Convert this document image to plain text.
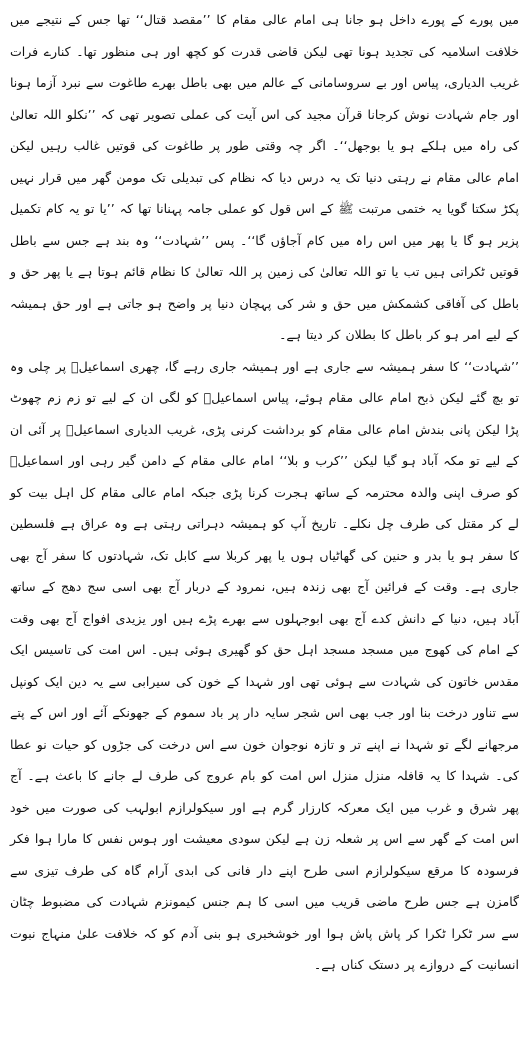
میں پورے کے پورے داخل ہو جانا ہی امام عالی مقام کا ’’مقصد قتال‘‘ تھا جس کے نتیجے میں خلافت اسلامیہ کی تجدید ہونا تھی لیکن قاضی قدرت کو کچھ اور ہی منظور تھا۔ کنارے فرات غریب الدیاری، پیاس اور بے سروسامانی کے عالم میں بھی باطل بھرے طاغوت سے نبرد آزما ہونا اور جام شہادت نوش کرجانا قرآن مجید کی اس آیت کی عملی تصویر تھی کہ ’’نکلو اللہ تعالیٰ کی راہ میں ہلکے ہو یا بوجھل‘‘۔ اگر چہ وقتی طور پر طاغوت کی قوتیں غالب رہیں لیکن امام عالی مقام نے رہتی دنیا تک یہ درس دیا کہ نظام کی تبدیلی تک مومن گھر میں قرار نہیں پکڑ سکتا گویا یہ ختمی مرتبت ﷺ کے اس قول کو عملی جامہ پہنانا تھا کہ ’’یا تو یہ کام تکمیل پزیر ہو گا یا پھر میں اس راہ میں کام آجاؤں گا‘‘۔ پس ’’شہادت‘‘ وہ بند ہے جس سے باطل قوتیں ٹکراتی ہیں تب یا تو اللہ تعالیٰ کی زمین پر اللہ تعالیٰ کا نظام قائم ہوتا ہے یا پھر حق و باطل کی آفاقی کشمکش میں حق و شر کی پہچان دنیا پر واضح ہو جاتی ہے اور حق ہمیشہ کے لیے امر ہو کر باطل کا بطلان کر دیتا ہے۔

’’شہادت‘‘ کا سفر ہمیشہ سے جاری ہے اور ہمیشہ جاری رہے گا، چھری اسماعیلؑ پر چلی وہ تو بچ گئے لیکن ذبح امام عالی مقام ہوئے، پیاس اسماعیلؑ کو لگی ان کے لیے تو زم زم چھوٹ پڑا لیکن پانی بندش امام عالی مقام کو برداشت کرنی پڑی، غریب الدیاری اسماعیلؑ پر آئی ان کے لیے تو مکہ آباد ہو گیا لیکن ’’کرب و بلا‘‘ امام عالی مقام کے دامن گیر رہی اور اسماعیلؑ کو صرف اپنی والدہ محترمہ کے ساتھ ہجرت کرنا پڑی جبکہ امام عالی مقام کل اہل بیت کو لے کر مقتل کی طرف چل نکلے۔ تاریخ آپ کو ہمیشہ دہراتی رہتی ہے وہ عراق ہے فلسطین کا سفر ہو یا بدر و حنین کی گھاٹیاں ہوں یا پھر کربلا سے کابل تک، شہادتوں کا سفر آج بھی جاری ہے۔ وقت کے فرائین آج بھی زندہ ہیں، نمرود کے دربار آج بھی اسی سج دھج کے ساتھ آباد ہیں، دنیا کے دانش کدے آج بھی ابوجہلوں سے بھرے پڑے ہیں اور یزیدی افواج آج بھی وقت کے امام کی کھوج میں مسجد مسجد اہل حق کو گھیری ہوئی ہیں۔ اس امت کی تاسیس ایک مقدس خاتون کی شہادت سے ہوئی تھی اور شہدا کے خون کی سیرابی سے یہ دین ایک کونپل سے تناور درخت بنا اور جب بھی اس شجر سایہ دار پر باد سموم کے جھونکے آئے اور اس کے پتے مرجھانے لگے تو شہدا نے اپنے تر و تازہ نوجوان خون سے اس درخت کی جڑوں کو حیات نو عطا کی۔ شہدا کا یہ قافلہ منزل منزل اس امت کو بام عروج کی طرف لے جانے کا باعث ہے۔ آج پھر شرق و غرب میں ایک معرکہ کارزار گرم ہے اور سیکولرازم ابولہب کی صورت میں خود اس امت کے گھر سے اس پر شعلہ زن ہے لیکن سودی معیشت اور ہوس نفس کا مارا ہوا فکر فرسودہ کا مرقع سیکولرازم اسی طرح اپنے دار فانی کی ابدی آرام گاہ کی طرف تیزی سے گامزن ہے جس طرح ماضی قریب میں اسی کا ہم جنس کیمونزم شہادت کی مضبوط چٹان سے سر ٹکرا ٹکرا کر پاش پاش ہوا اور خوشخبری ہو بنی آدم کو کہ خلافت علیٰ منہاج نبوت انسانیت کے دروازے پر دستک کناں ہے۔
